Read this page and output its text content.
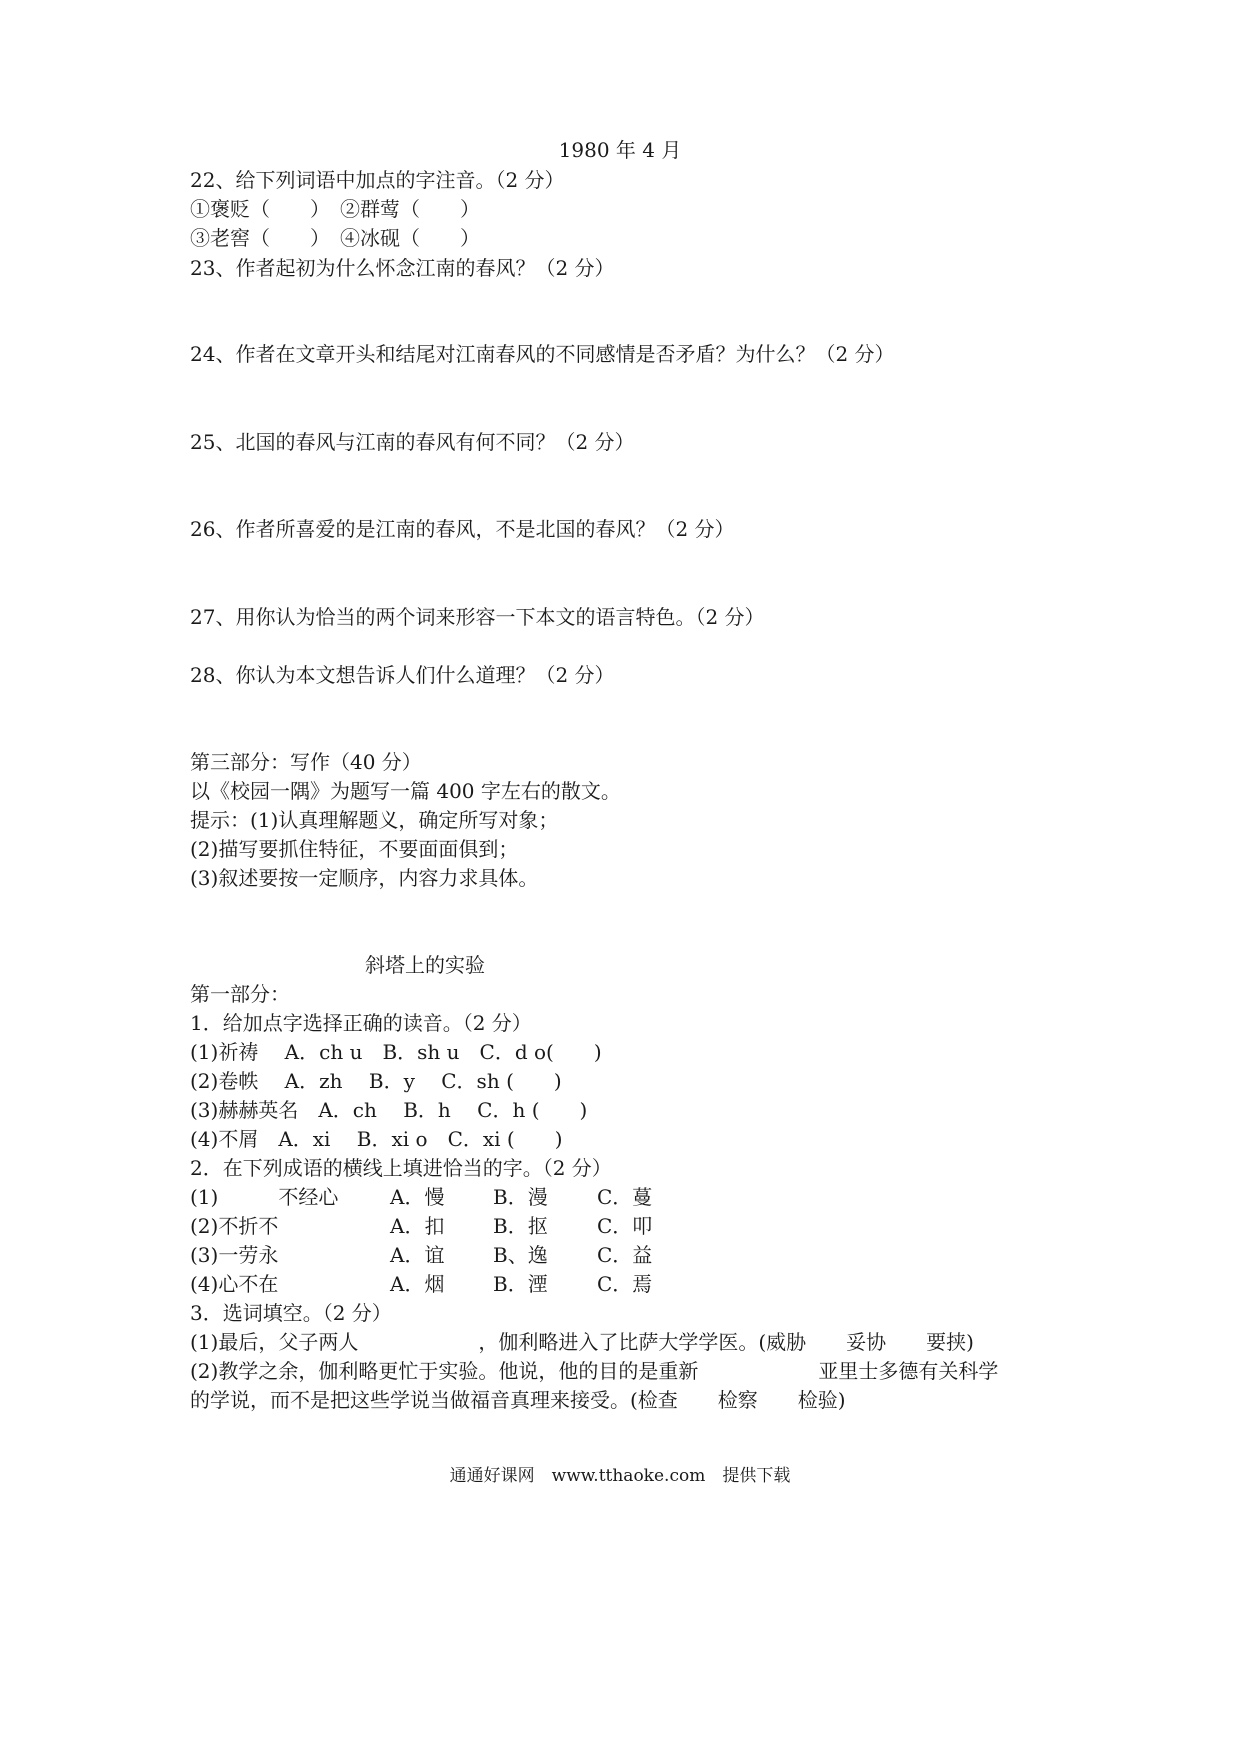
1980 年 4 月
22、给下列词语中加点的字注音。（2 分）
①褒贬（　　）　②群莺（　　）
③老窖（　　）　④冰砚（　　）
23、作者起初为什么怀念江南的春风？（2 分）
24、作者在文章开头和结尾对江南春风的不同感情是否矛盾？为什么？（2 分）
25、北国的春风与江南的春风有何不同？（2 分）
26、作者所喜爱的是江南的春风，不是北国的春风？（2 分）
27、用你认为恰当的两个词来形容一下本文的语言特色。（2 分）
28、你认为本文想告诉人们什么道理？（2 分）
第三部分：写作（40 分）
以《校园一隅》为题写一篇 400 字左右的散文。
提示：(1)认真理解题义，确定所写对象；
(2)描写要抓住特征，不要面面俱到；
(3)叙述要按一定顺序，内容力求具体。
斜塔上的实验
第一部分：
1．给加点字选择正确的读音。（2 分）
(1)祈祷　 A．ch u　B．sh u　C．d o(　　)
(2)卷帙　 A．zh　 B．y　 C．sh (　　)
(3)赫赫英名　A．ch　 B．h　 C．h (　　)
(4)不屑　A．xi　 B．xi o　C．xi (　　)
2．在下列成语的横线上填进恰当的字。（2 分）
(1)　　　不经心	A．慢 B．漫 C．蔓
(2)不折不	A．扣 B．抠 C．叩
(3)一劳永	A．谊 B、逸 C．益
(4)心不在	A．烟 B．湮 C．焉
3．选词填空。（2 分）
(1)最后，父子两人　　　　　　，伽利略进入了比萨大学学医。(威胁　　妥协　　要挟)
(2)教学之余，伽利略更忙于实验。他说，他的目的是重新　　　　　　亚里士多德有关科学
的学说，而不是把这些学说当做福音真理来接受。(检查　　检察　　检验)
通通好课网　www.tthaoke.com　提供下载
